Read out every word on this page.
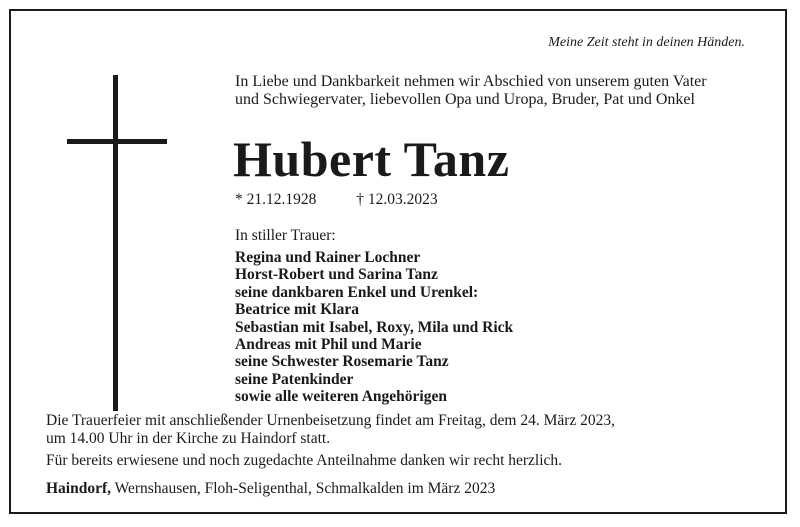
Meine Zeit steht in deinen Händen.
In Liebe und Dankbarkeit nehmen wir Abschied von unserem guten Vater
und Schwiegervater, liebevollen Opa und Uropa, Bruder, Pat und Onkel
Hubert Tanz
* 21.12.1928	† 12.03.2023
In stiller Trauer:
Regina und Rainer Lochner
Horst-Robert und Sarina Tanz
seine dankbaren Enkel und Urenkel:
Beatrice mit Klara
Sebastian mit Isabel, Roxy, Mila und Rick
Andreas mit Phil und Marie
seine Schwester Rosemarie Tanz
seine Patenkinder
sowie alle weiteren Angehörigen
Die Trauerfeier mit anschließender Urnenbeisetzung findet am Freitag, dem 24. März 2023,
um 14.00 Uhr in der Kirche zu Haindorf statt.
Für bereits erwiesene und noch zugedachte Anteilnahme danken wir recht herzlich.
Haindorf, Wernshausen, Floh-Seligenthal, Schmalkalden im März 2023
